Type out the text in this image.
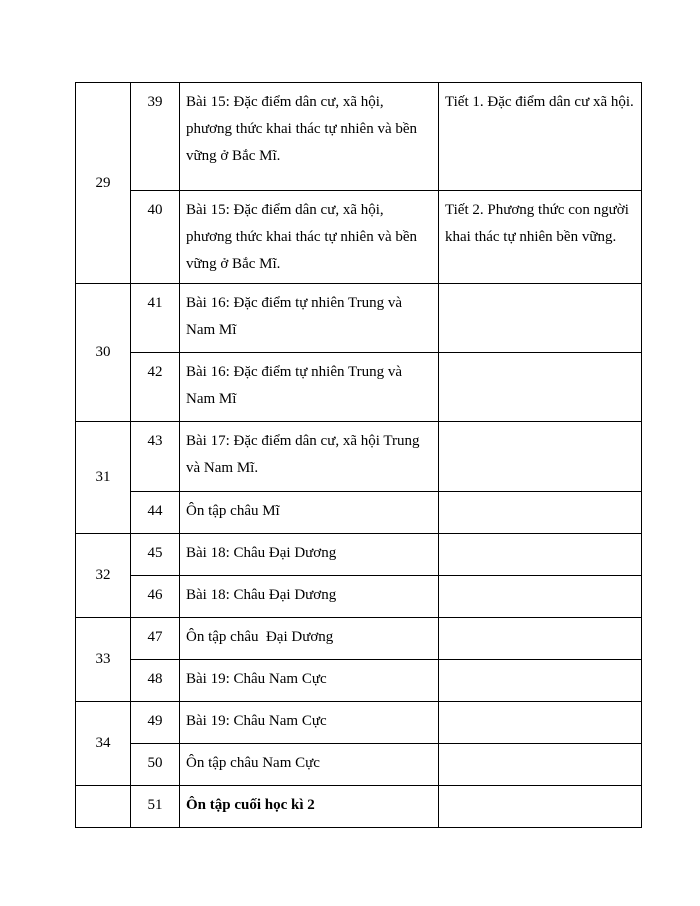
29	39	Bài 15: Đặc điểm dân cư, xã hội, phương thức khai thác tự nhiên và bền vững ở Bắc Mĩ.	Tiết 1. Đặc điểm dân cư xã hội.
	40	Bài 15: Đặc điểm dân cư, xã hội, phương thức khai thác tự nhiên và bền vững ở Bắc Mĩ.	Tiết 2. Phương thức con người khai thác tự nhiên bền vững.
30	41	Bài 16: Đặc điểm tự nhiên Trung và Nam Mĩ	
	42	Bài 16: Đặc điểm tự nhiên Trung và Nam Mĩ	
31	43	Bài 17: Đặc điểm dân cư, xã hội Trung và Nam Mĩ.	
	44	Ôn tập châu Mĩ	
32	45	Bài 18: Châu Đại Dương	
	46	Bài 18: Châu Đại Dương	
33	47	Ôn tập châu  Đại Dương	
	48	Bài 19: Châu Nam Cực	
34	49	Bài 19: Châu Nam Cực	
	50	Ôn tập châu Nam Cực	
	51	Ôn tập cuối học kì 2	
